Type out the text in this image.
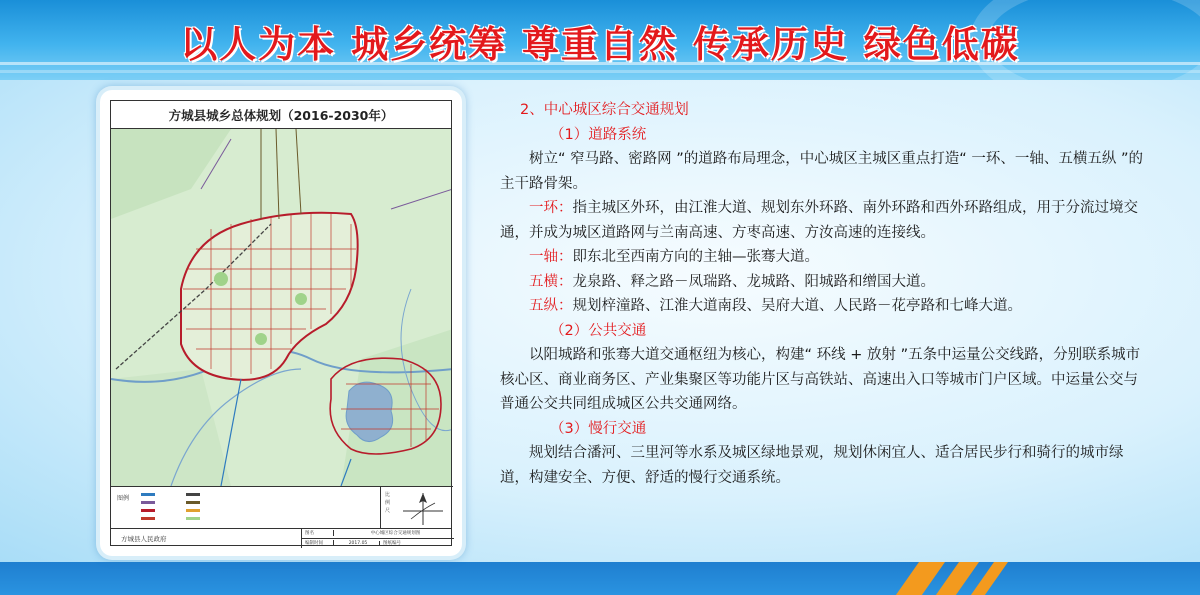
以人为本 城乡统筹 尊重自然 传承历史 绿色低碳
方城县城乡总体规划（2016-2030年）
图例	比例尺
方城县人民政府
图名	中心城区综合交通规划图
编制时间	2017.05	图纸编号

2、中心城区综合交通规划

（1）道路系统

树立“ 窄马路、密路网 ”的道路布局理念，中心城区主城区重点打造“ 一环、一轴、五横五纵 ”的主干路骨架。

一环：指主城区外环，由江淮大道、规划东外环路、南外环路和西外环路组成，用于分流过境交通，并成为城区道路网与兰南高速、方枣高速、方汝高速的连接线。

一轴：即东北至西南方向的主轴—张骞大道。

五横：龙泉路、释之路－凤瑞路、龙城路、阳城路和缯国大道。

五纵：规划梓潼路、江淮大道南段、吴府大道、人民路－花亭路和七峰大道。

（2）公共交通

以阳城路和张骞大道交通枢纽为核心，构建“ 环线 + 放射 ”五条中运量公交线路，分别联系城市核心区、商业商务区、产业集聚区等功能片区与高铁站、高速出入口等城市门户区域。中运量公交与普通公交共同组成城区公共交通网络。

（3）慢行交通

规划结合潘河、三里河等水系及城区绿地景观，规划休闲宜人、适合居民步行和骑行的城市绿道，构建安全、方便、舒适的慢行交通系统。
